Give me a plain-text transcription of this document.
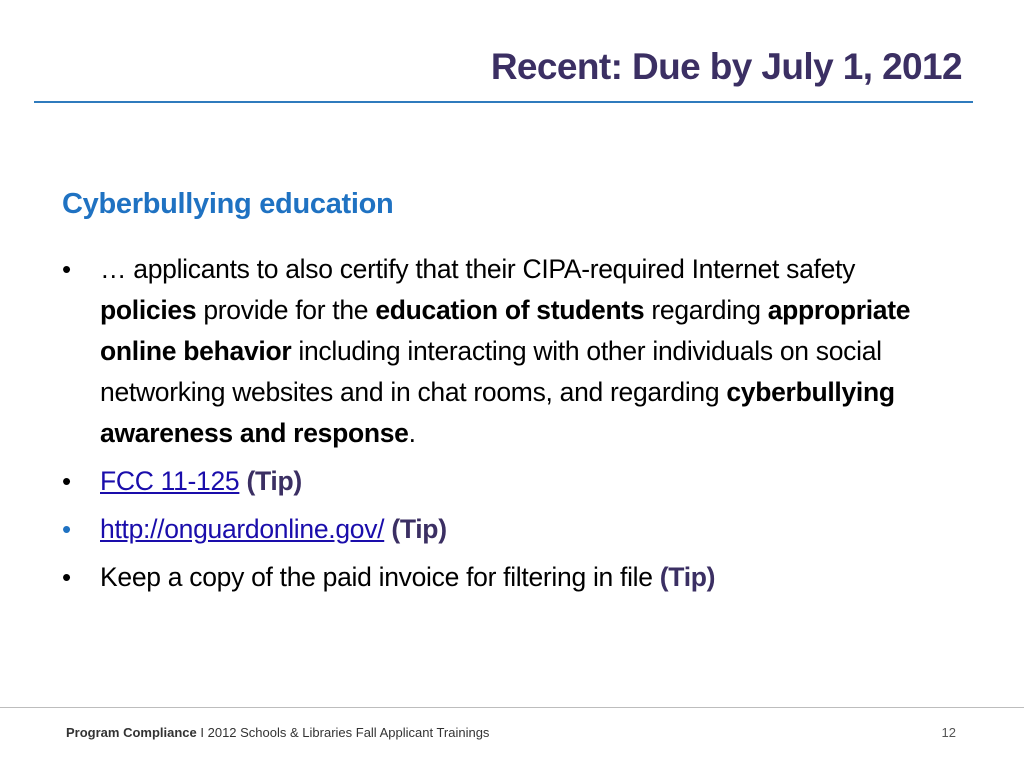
Recent: Due by July 1, 2012
Cyberbullying education
• … applicants to also certify that their CIPA-required Internet safety policies provide for the education of students regarding appropriate online behavior including interacting with other individuals on social networking websites and in chat rooms, and regarding cyberbullying awareness and response.
• FCC 11-125 (Tip)
• http://onguardonline.gov/ (Tip)
• Keep a copy of the paid invoice for filtering in file (Tip)
Program Compliance I 2012 Schools & Libraries Fall Applicant Trainings	12
